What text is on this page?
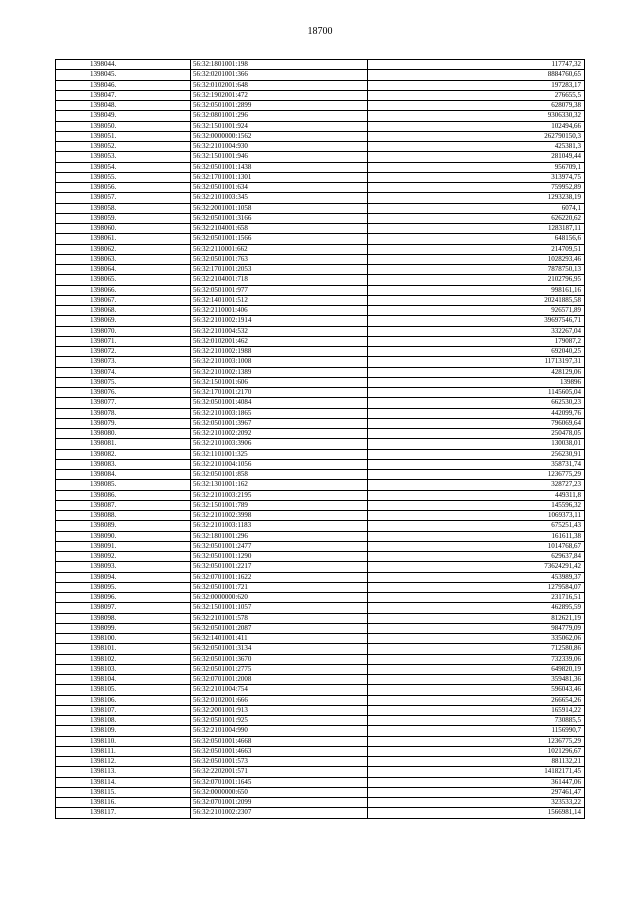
18700
1398044.	56:32:1801001:198	117747,32
1398045.	56:32:0201001:366	8884760,65
1398046.	56:32:0102001:648	197283,17
1398047.	56:32:1902001:472	276655,5
1398048.	56:32:0501001:2899	628079,38
1398049.	56:32:0801001:296	9306330,32
1398050.	56:32:1501001:924	102494,66
1398051.	56:32:0000000:1562	262790150,3
1398052.	56:32:2101004:930	425381,3
1398053.	56:32:1501001:946	281049,44
1398054.	56:32:0501001:1438	956709,1
1398055.	56:32:1701001:1301	313974,75
1398056.	56:32:0501001:634	759952,89
1398057.	56:32:2101003:345	1293238,19
1398058.	56:32:2001001:1058	6074,1
1398059.	56:32:0501001:3166	626220,62
1398060.	56:32:2104001:658	1283187,11
1398061.	56:32:0501001:1566	648156,6
1398062.	56:32:2110001:662	214709,51
1398063.	56:32:0501001:763	1028293,46
1398064.	56:32:1701001:2053	7878750,13
1398065.	56:32:2104001:718	2102796,95
1398066.	56:32:0501001:977	998161,16
1398067.	56:32:1401001:512	20241885,58
1398068.	56:32:2110001:406	926571,89
1398069.	56:32:2101002:1914	39697546,71
1398070.	56:32:2101004:532	332267,04
1398071.	56:32:0102001:462	179087,2
1398072.	56:32:2101002:1988	692040,25
1398073.	56:32:2101003:1008	11713197,31
1398074.	56:32:2101002:1389	428129,06
1398075.	56:32:1501001:606	139896
1398076.	56:32:1701001:2170	1145605,04
1398077.	56:32:0501001:4084	662530,23
1398078.	56:32:2101003:1865	442099,76
1398079.	56:32:0501001:3967	796069,64
1398080.	56:32:2101002:2092	250478,05
1398081.	56:32:2101003:3906	130038,01
1398082.	56:32:1101001:325	256230,91
1398083.	56:32:2101004:1056	358731,74
1398084.	56:32:0501001:858	1236775,29
1398085.	56:32:1301001:162	328727,23
1398086.	56:32:2101003:2195	449311,8
1398087.	56:32:1501001:789	145596,32
1398088.	56:32:2101002:3998	1069373,11
1398089.	56:32:2101003:1183	675251,43
1398090.	56:32:1801001:296	161611,38
1398091.	56:32:0501001:2477	1014768,67
1398092.	56:32:0501001:1290	629637,84
1398093.	56:32:0501001:2217	73624291,42
1398094.	56:32:0701001:1622	453989,37
1398095.	56:32:0501001:721	1279584,07
1398096.	56:32:0000000:620	231716,51
1398097.	56:32:1501001:1057	462895,59
1398098.	56:32:2101001:578	812621,19
1398099.	56:32:0501001:2087	984779,09
1398100.	56:32:1401001:411	335062,06
1398101.	56:32:0501001:3134	712580,86
1398102.	56:32:0501001:3670	732339,06
1398103.	56:32:0501001:2775	649820,19
1398104.	56:32:0701001:2008	359481,36
1398105.	56:32:2101004:754	596043,46
1398106.	56:32:0102001:666	266654,26
1398107.	56:32:2001001:913	165914,22
1398108.	56:32:0501001:925	730885,5
1398109.	56:32:2101004:990	1156990,7
1398110.	56:32:0501001:4668	1236775,29
1398111.	56:32:0501001:4663	1021296,67
1398112.	56:32:0501001:573	881132,21
1398113.	56:32:2202001:571	14182171,45
1398114.	56:32:0701001:1645	361447,06
1398115.	56:32:0000000:650	297461,47
1398116.	56:32:0701001:2099	323533,22
1398117.	56:32:2101002:2307	1566981,14
